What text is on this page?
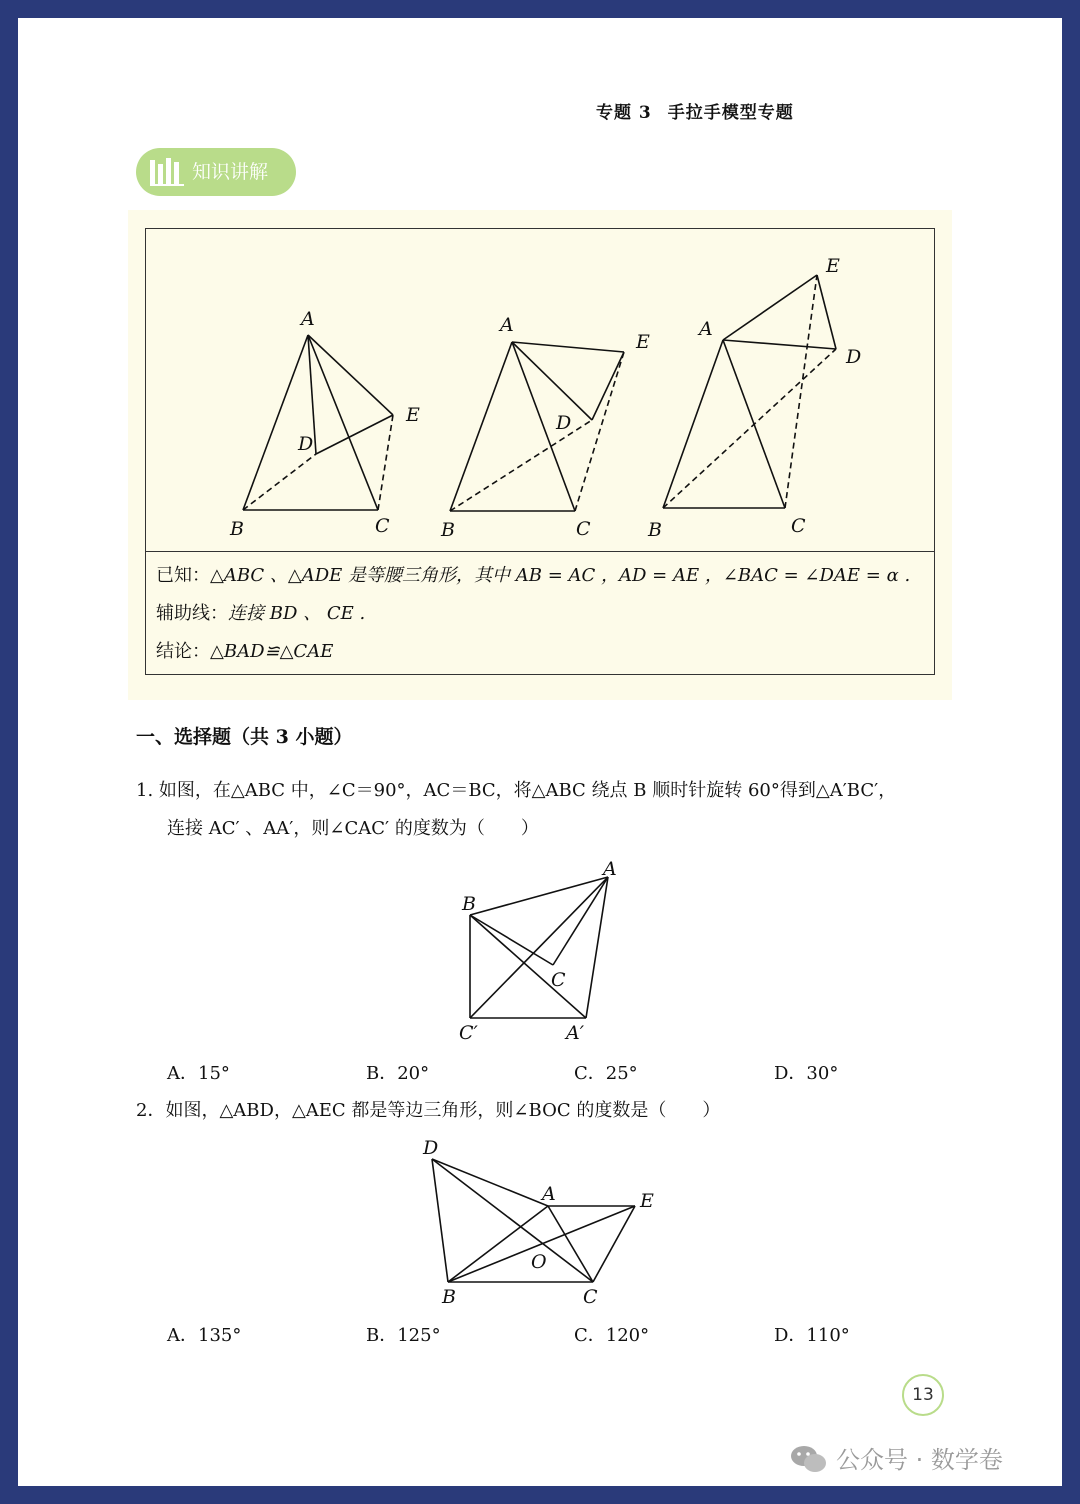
专题 3 手拉手模型专题
知识讲解
A
B	C
D
E
A
B	C
D
E
A
B	C
D
E
已知：△ABC 、△ADE 是等腰三角形，其中 AB = AC ，AD = AE ，∠BAC = ∠DAE = α .
辅助线：连接 BD 、 CE .
结论：△BAD≌△CAE
一、选择题（共 3 小题）
1. 如图，在△ABC 中，∠C＝90°，AC＝BC，将△ABC 绕点 B 顺时针旋转 60°得到△A′BC′，
连接 AC′ 、AA′，则∠CAC′ 的度数为（　　）
A
B
C
C′	A′
A．15°	B．20°	C．25°	D．30°
2．如图，△ABD，△AEC 都是等边三角形，则∠BOC 的度数是（　　）
D
A	E
O
B	C
A．135°	B．125°	C．120°	D．110°
13
公众号 · 数学卷
